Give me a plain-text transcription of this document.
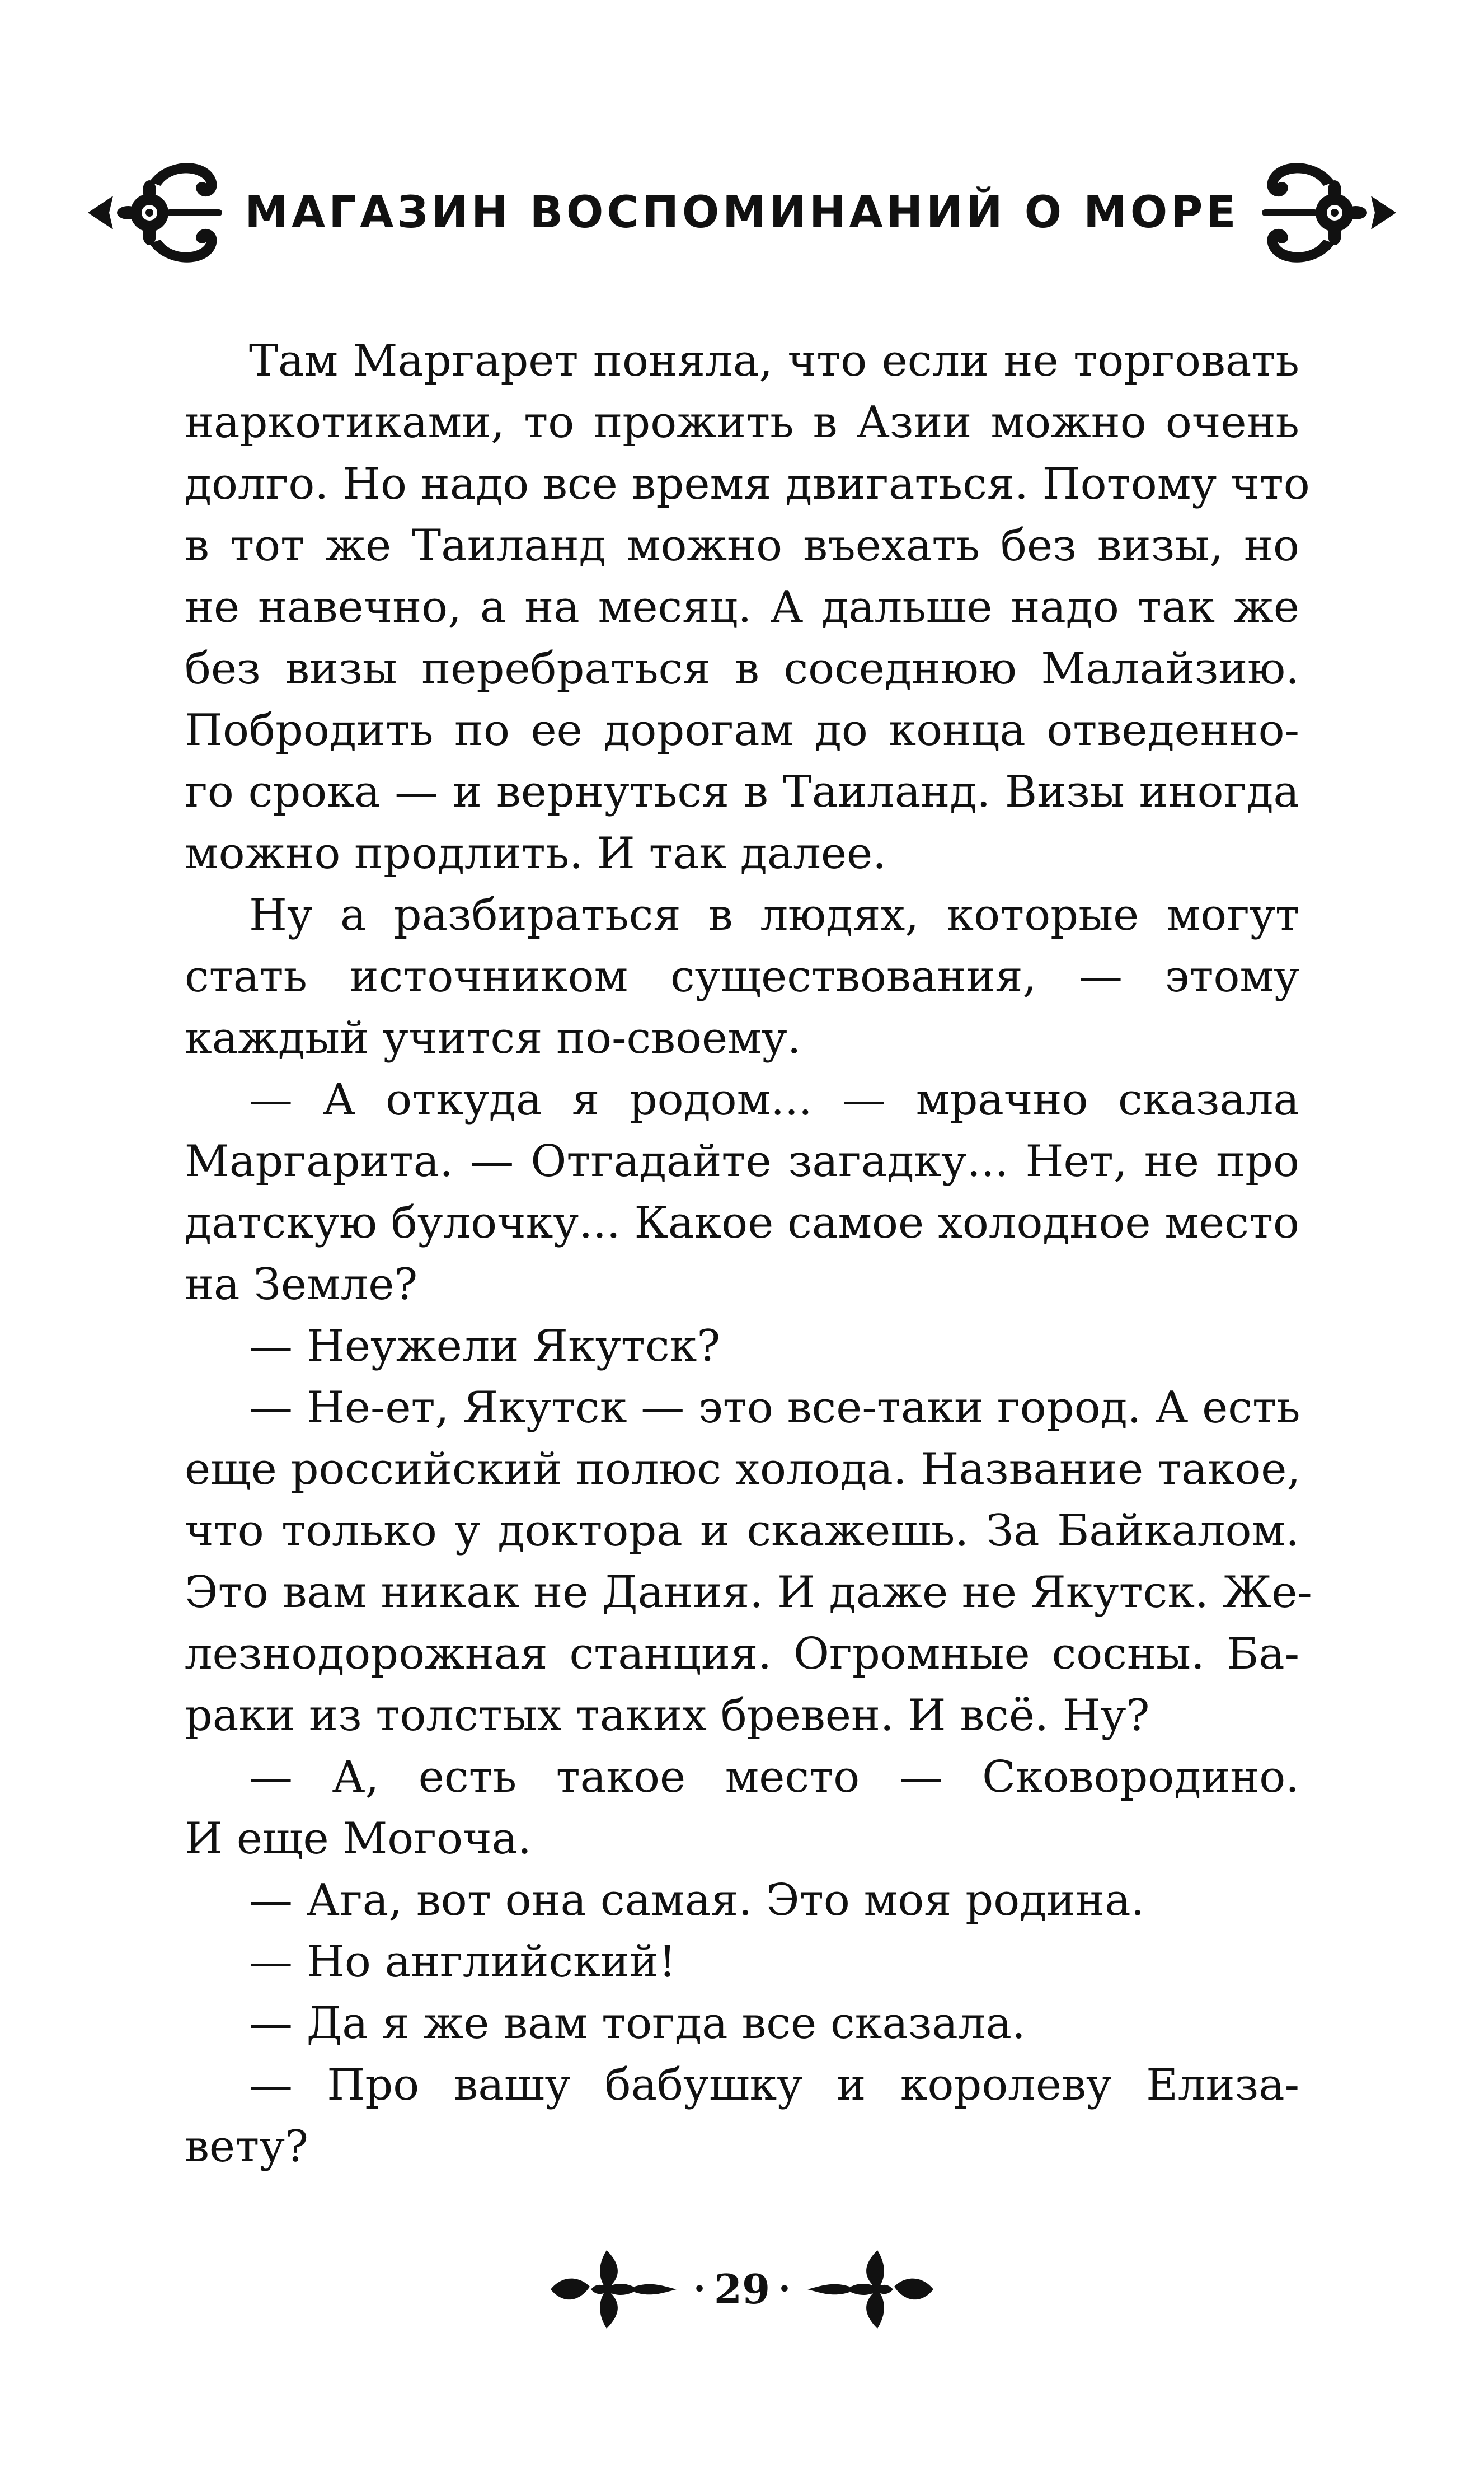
МАГАЗИН ВОСПОМИНАНИЙ О МОРЕ
Там Маргарет поняла, что если не торговать
наркотиками, то прожить в Азии можно очень
долго. Но надо все время двигаться. Потому что
в тот же Таиланд можно въехать без визы, но
не навечно, а на месяц. А дальше надо так же
без визы перебраться в соседнюю Малайзию.
Побродить по ее дорогам до конца отведенно-
го срока — и вернуться в Таиланд. Визы иногда
можно продлить. И так далее.
Ну а разбираться в людях, которые могут
стать источником существования, — этому
каждый учится по-своему.
— А откуда я родом... — мрачно сказала
Маргарита. — Отгадайте загадку... Нет, не про
датскую булочку... Какое самое холодное место
на Земле?
— Неужели Якутск?
— Не-ет, Якутск — это все-таки город. А есть
еще российский полюс холода. Название такое,
что только у доктора и скажешь. За Байкалом.
Это вам никак не Дания. И даже не Якутск. Же-
лезнодорожная станция. Огромные сосны. Ба-
раки из толстых таких бревен. И всё. Ну?
— А, есть такое место — Сковородино.
И еще Могоча.
— Ага, вот она самая. Это моя родина.
— Но английский!
— Да я же вам тогда все сказала.
— Про вашу бабушку и королеву Елиза-
вету?
• 29 •
